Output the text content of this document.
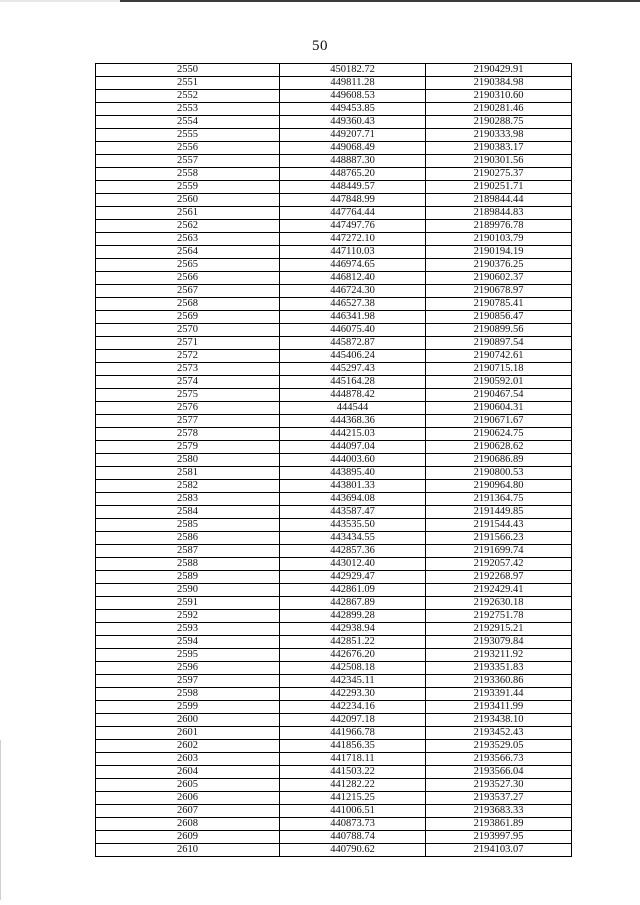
50
2550	450182.72	2190429.91
2551	449811.28	2190384.98
2552	449608.53	2190310.60
2553	449453.85	2190281.46
2554	449360.43	2190288.75
2555	449207.71	2190333.98
2556	449068.49	2190383.17
2557	448887.30	2190301.56
2558	448765.20	2190275.37
2559	448449.57	2190251.71
2560	447848.99	2189844.44
2561	447764.44	2189844.83
2562	447497.76	2189976.78
2563	447272.10	2190103.79
2564	447110.03	2190194.19
2565	446974.65	2190376.25
2566	446812.40	2190602.37
2567	446724.30	2190678.97
2568	446527.38	2190785.41
2569	446341.98	2190856.47
2570	446075.40	2190899.56
2571	445872.87	2190897.54
2572	445406.24	2190742.61
2573	445297.43	2190715.18
2574	445164.28	2190592.01
2575	444878.42	2190467.54
2576	444544	2190604.31
2577	444368.36	2190671.67
2578	444215.03	2190624.75
2579	444097.04	2190628.62
2580	444003.60	2190686.89
2581	443895.40	2190800.53
2582	443801.33	2190964.80
2583	443694.08	2191364.75
2584	443587.47	2191449.85
2585	443535.50	2191544.43
2586	443434.55	2191566.23
2587	442857.36	2191699.74
2588	443012.40	2192057.42
2589	442929.47	2192268.97
2590	442861.09	2192429.41
2591	442867.89	2192630.18
2592	442899.28	2192751.78
2593	442938.94	2192915.21
2594	442851.22	2193079.84
2595	442676.20	2193211.92
2596	442508.18	2193351.83
2597	442345.11	2193360.86
2598	442293.30	2193391.44
2599	442234.16	2193411.99
2600	442097.18	2193438.10
2601	441966.78	2193452.43
2602	441856.35	2193529.05
2603	441718.11	2193566.73
2604	441503.22	2193566.04
2605	441282.22	2193527.30
2606	441215.25	2193537.27
2607	441006.51	2193683.33
2608	440873.73	2193861.89
2609	440788.74	2193997.95
2610	440790.62	2194103.07
